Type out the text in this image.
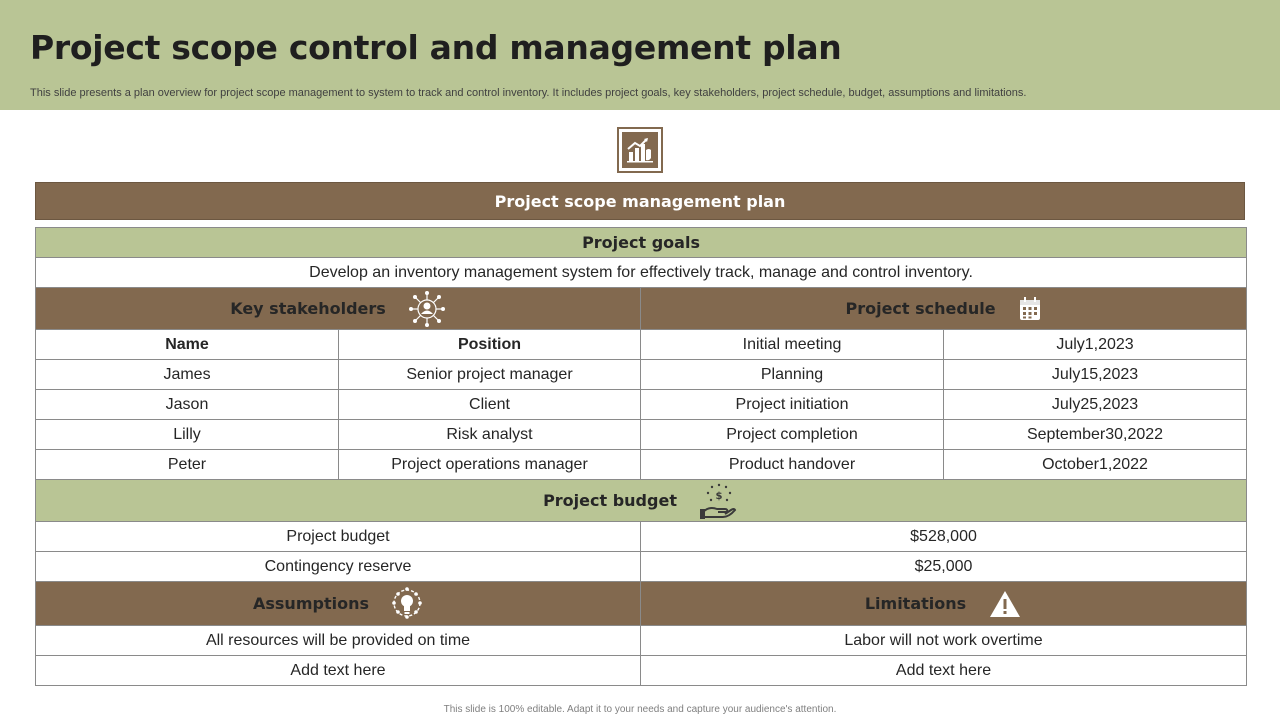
Project scope control and management plan
This slide presents a plan overview for project scope management to system to track and control inventory. It includes project goals, key stakeholders, project schedule, budget, assumptions and limitations.
Project scope management plan
Project goals			
Develop an inventory management system for effectively track, manage and control inventory.			

Key stakeholders		Project schedule	

Name	Position	Initial meeting	July1,2023
James	Senior project manager	Planning	July15,2023
Jason	Client	Project initiation	July25,2023
Lilly	Risk analyst	Project completion	September30,2022
Peter	Project operations manager	Product handover	October1,2022

Project budget $			

Project budget		$528,000	
Contingency reserve		$25,000	

Assumptions		Limitations	

All resources will be provided on time		Labor will not work overtime	
Add text here		Add text here	
This slide is 100% editable. Adapt it to your needs and capture your audience's attention.
